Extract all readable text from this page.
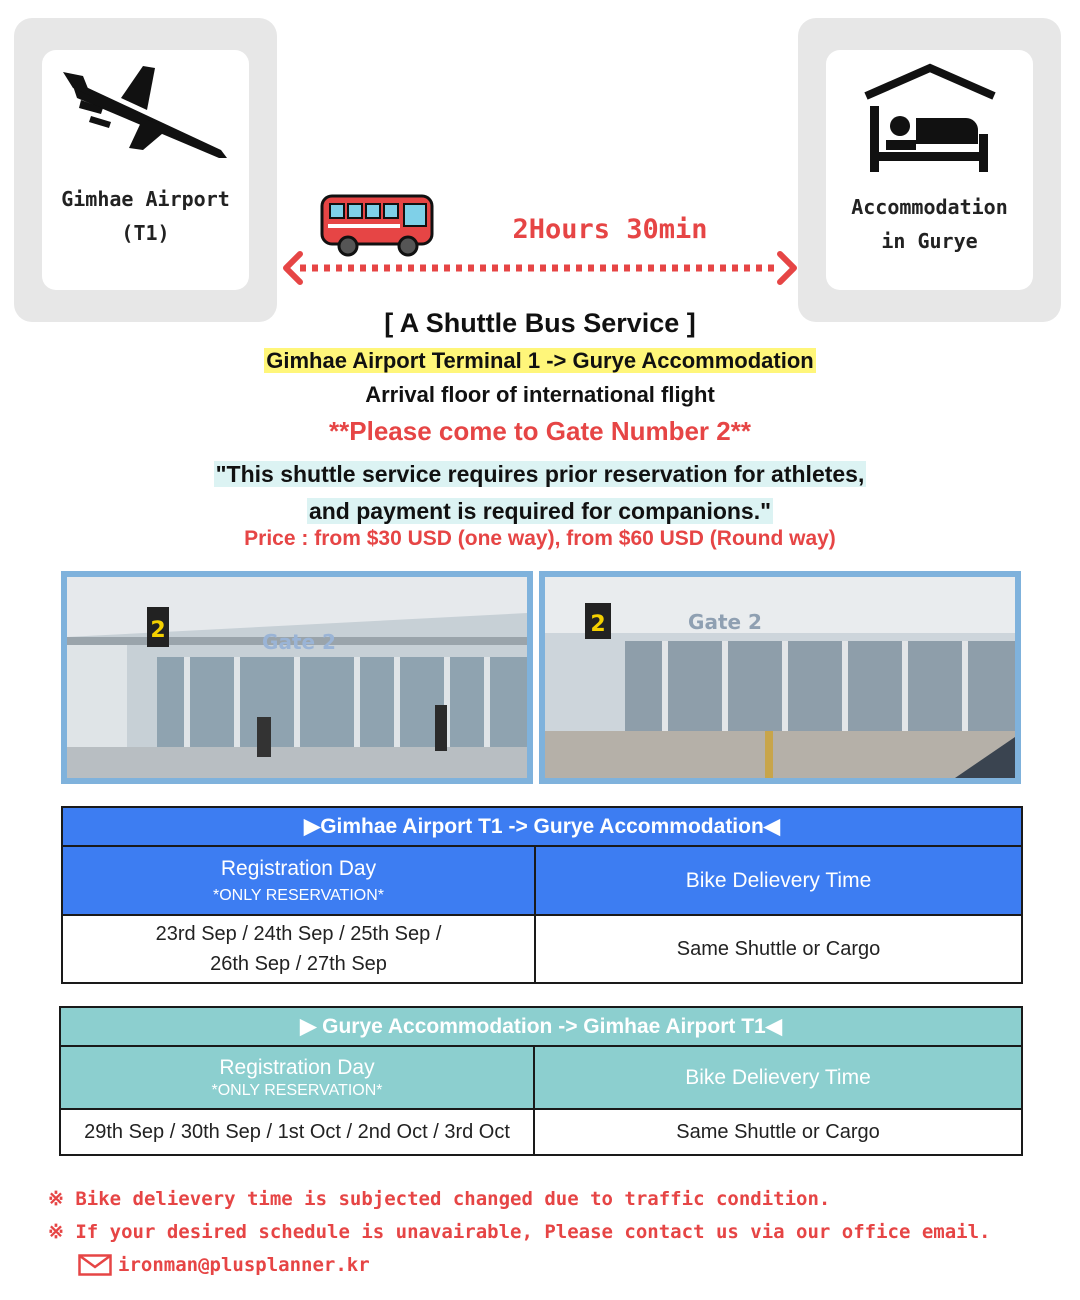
Gimhae Airport
(T1)
Accommodation
in Gurye
2Hours 30min
[ A Shuttle Bus Service ]
Gimhae Airport Terminal 1 -> Gurye Accommodation
Arrival floor of international flight
**Please come to Gate Number 2**
"This shuttle service requires prior reservation for athletes,
and payment is required for companions."
Price : from $30 USD (one way), from $60 USD (Round way)
2	Gate 2
2	Gate 2
▶Gimhae Airport T1 -> Gurye Accommodation◀	
Registration Day
*ONLY RESERVATION*	Bike Delievery Time
23rd Sep / 24th Sep / 25th Sep /
26th Sep / 27th Sep	Same Shuttle or Cargo
▶ Gurye Accommodation -> Gimhae Airport T1◀	
Registration Day
*ONLY RESERVATION*	Bike Delievery Time
29th Sep / 30th Sep / 1st Oct / 2nd Oct / 3rd Oct	Same Shuttle or Cargo
※ Bike delievery time is subjected changed due to traffic condition.
※ If your desired schedule is unavairable, Please contact us via our office email.
ironman@plusplanner.kr
